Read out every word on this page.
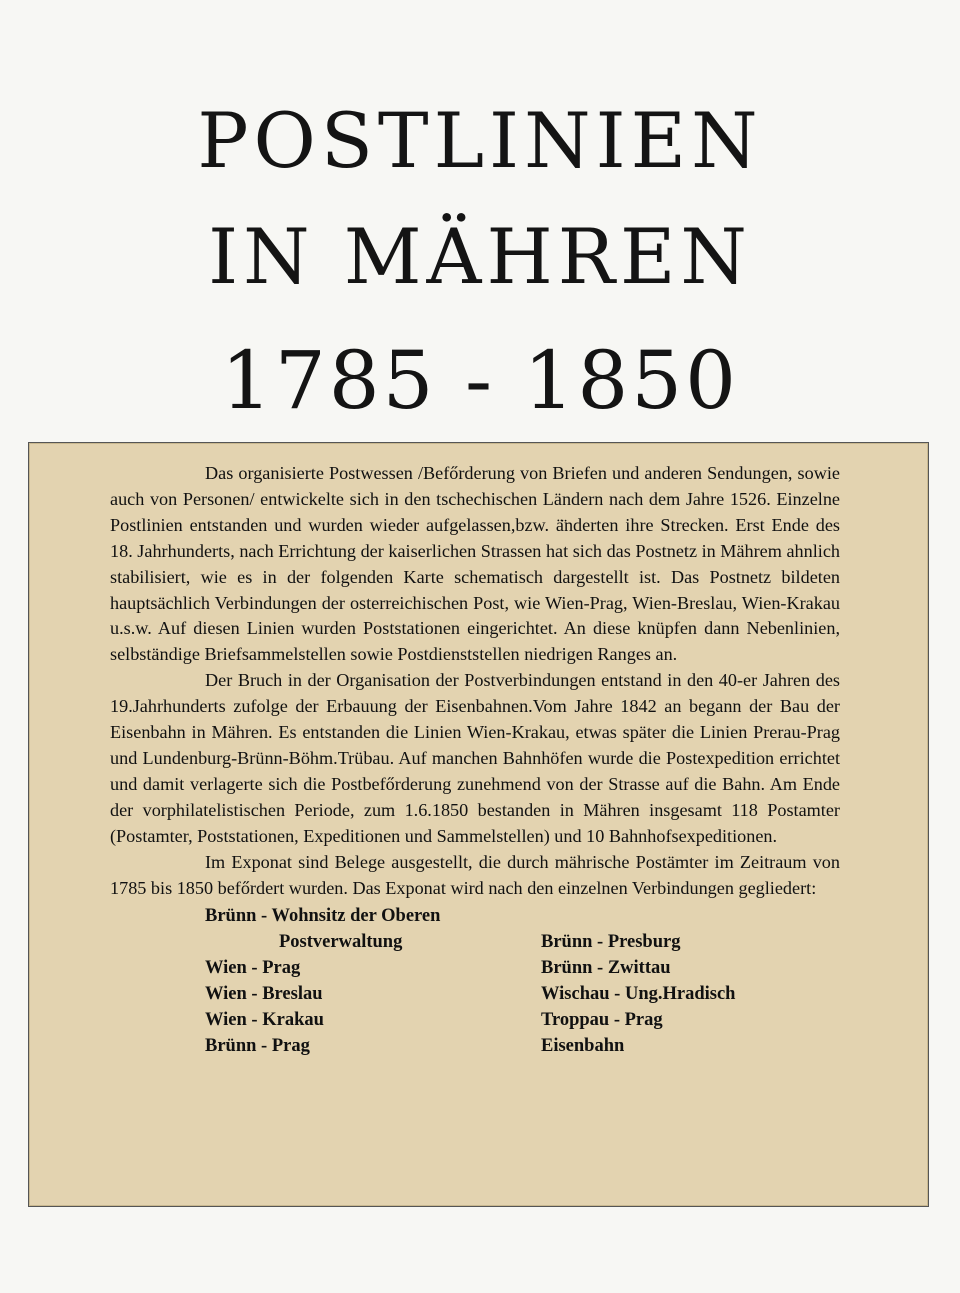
POSTLINIEN
IN MÄHREN
1785 - 1850

Das organisierte Postwessen /Befőrderung von Briefen und anderen Sendungen, sowie auch von Personen/ entwickelte sich in den tschechischen Ländern nach dem Jahre 1526. Einzelne Postlinien entstanden und wurden wieder aufgelassen,bzw. ä̈nderten ihre Strecken. Erst Ende des 18. Jahrhunderts, nach Errichtung der kaiserlichen Strassen hat sich das Postnetz in Mährem ahnlich stabilisiert, wie es in der folgenden Karte schematisch dargestellt ist. Das Postnetz bildeten hauptsächlich Verbindungen der osterreichischen Post, wie Wien-Prag, Wien-Breslau, Wien-Krakau u.s.w. Auf diesen Linien wurden Poststationen eingerichtet. An diese knüpfen dann Nebenlinien, selbständige Briefsammelstellen sowie Postdienststellen niedrigen Ranges an.

Der Bruch in der Organisation der Postverbindungen entstand in den 40-er Jahren des 19.Jahrhunderts zufolge der Erbauung der Eisenbahnen.Vom Jahre 1842 an begann der Bau der Eisenbahn in Mähren. Es entstanden die Linien Wien-Krakau, etwas später die Linien Prerau-Prag und Lundenburg-Brünn-Böhm.Trübau. Auf manchen Bahnhöfen wurde die Postexpedition errichtet und damit verlagerte sich die Postbefőrderung zunehmend von der Strasse auf die Bahn. Am Ende der vorphilatelistischen Periode, zum 1.6.1850 bestanden in Mähren insgesamt 118 Postamter (Postamter, Poststationen, Expeditionen und Sammelstellen) und 10 Bahnhofsexpeditionen.

Im Exponat sind Belege ausgestellt, die durch mährische Postämter im Zeitraum von 1785 bis 1850 befőrdert wurden. Das Exponat wird nach den einzelnen Verbindungen gegliedert:

Brünn - Wohnsitz der Oberen
Postverwaltung
Wien - Prag
Wien - Breslau
Wien - Krakau
Brünn - Prag
Brünn - Presburg
Brünn - Zwittau
Wischau - Ung.Hradisch
Troppau - Prag
Eisenbahn
